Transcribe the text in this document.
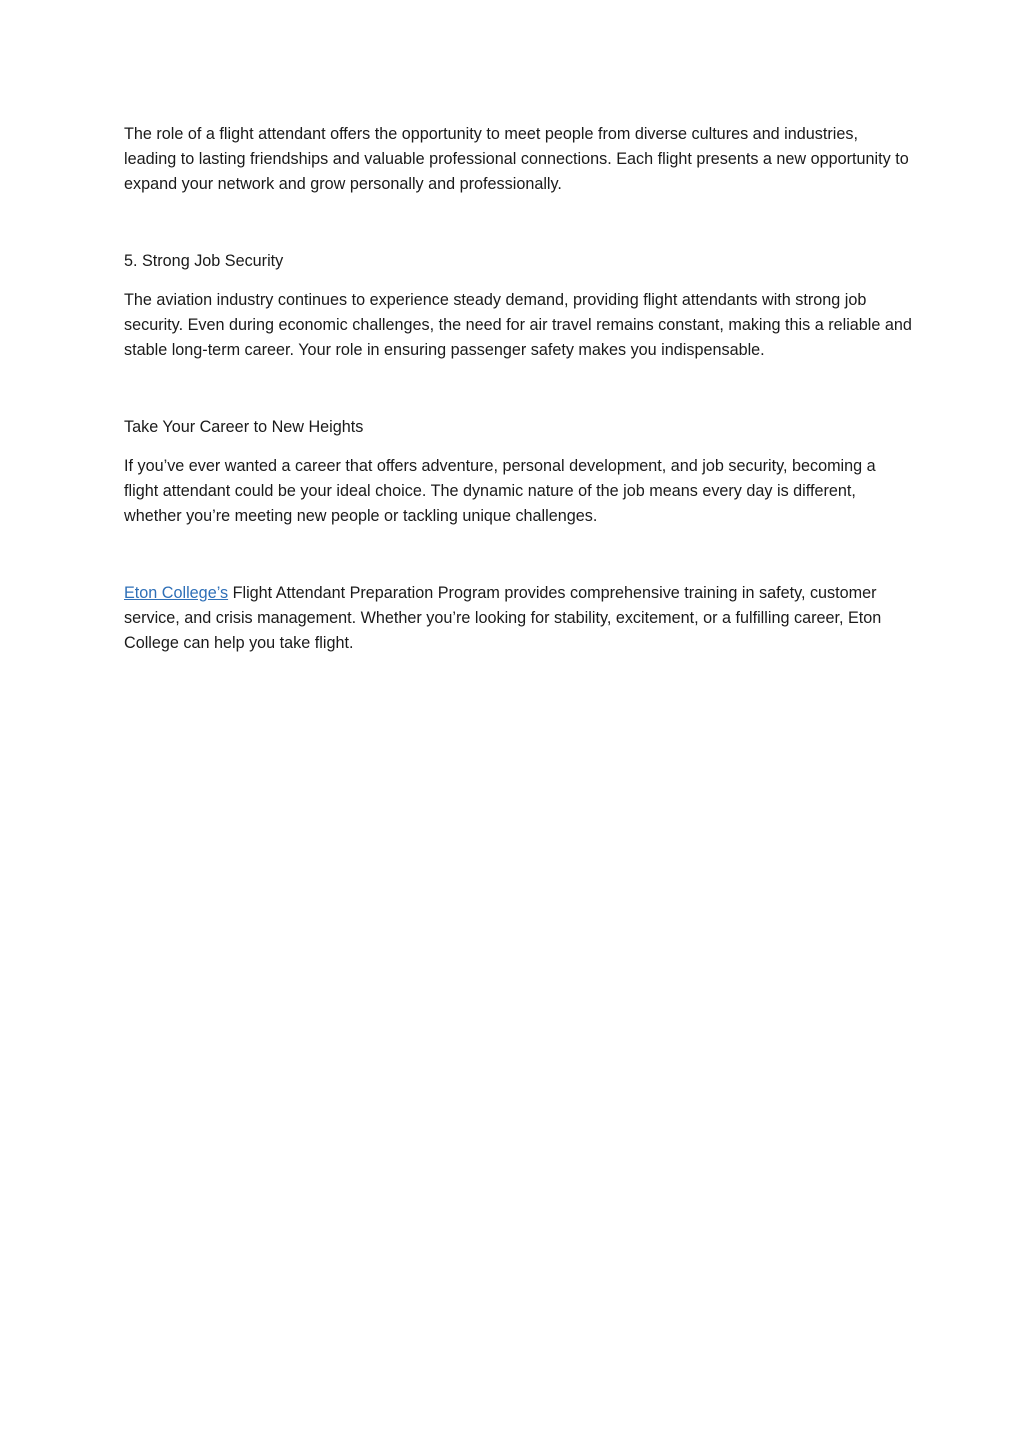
The role of a flight attendant offers the opportunity to meet people from diverse cultures and industries, leading to lasting friendships and valuable professional connections. Each flight presents a new opportunity to expand your network and grow personally and professionally.

5. Strong Job Security

The aviation industry continues to experience steady demand, providing flight attendants with strong job security. Even during economic challenges, the need for air travel remains constant, making this a reliable and stable long-term career. Your role in ensuring passenger safety makes you indispensable.

Take Your Career to New Heights

If you’ve ever wanted a career that offers adventure, personal development, and job security, becoming a flight attendant could be your ideal choice. The dynamic nature of the job means every day is different, whether you’re meeting new people or tackling unique challenges.

Eton College’s Flight Attendant Preparation Program provides comprehensive training in safety, customer service, and crisis management. Whether you’re looking for stability, excitement, or a fulfilling career, Eton College can help you take flight.
